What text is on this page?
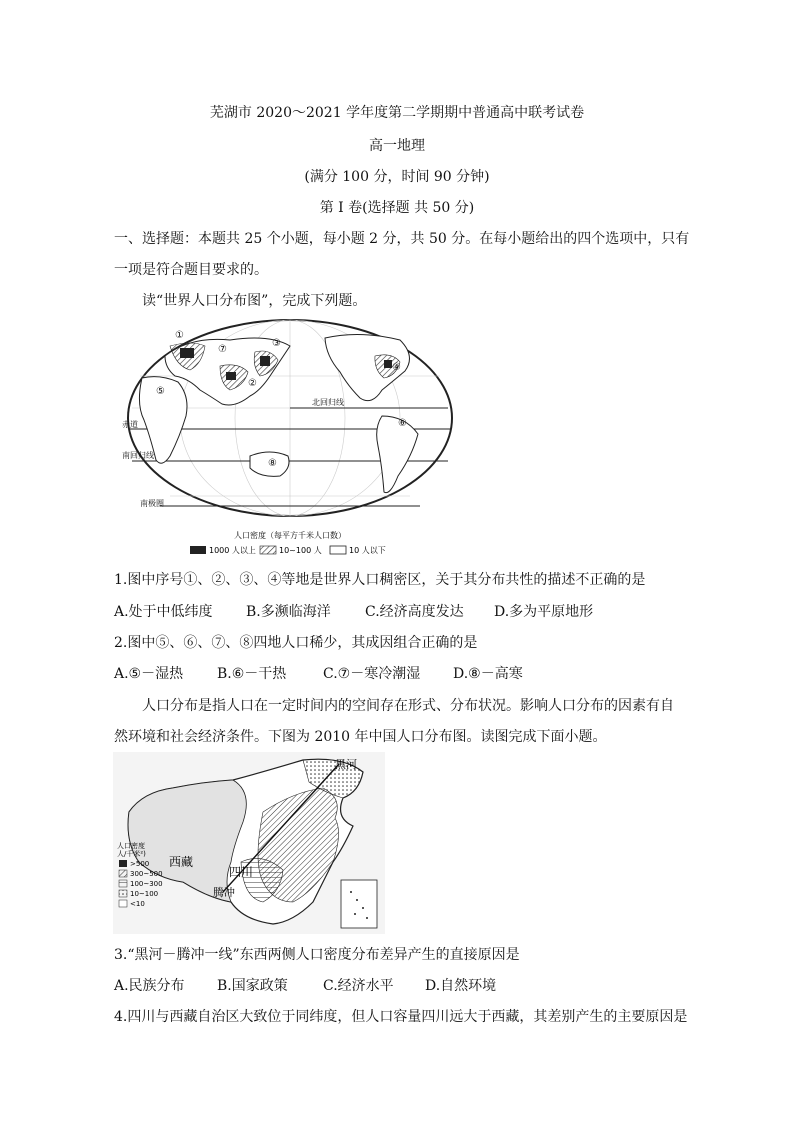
芜湖市 2020～2021 学年度第二学期期中普通高中联考试卷
高一地理
(满分 100 分，时间 90 分钟)
第 I 卷(选择题 共 50 分)
一、选择题：本题共 25 个小题，每小题 2 分，共 50 分。在每小题给出的四个选项中，只有
一项是符合题目要求的。
读“世界人口分布图”，完成下列题。
①
②
③
④
⑤
⑥
⑦
⑧
北回归线
赤道
南回归线
南极圈
人口密度（每平方千米人口数）
1000 人以上	10~100 人	10 人以下
1.图中序号①、②、③、④等地是世界人口稠密区，关于其分布共性的描述不正确的是
A.处于中低纬度 B.多濒临海洋 C.经济高度发达 D.多为平原地形
2.图中⑤、⑥、⑦、⑧四地人口稀少，其成因组合正确的是
A.⑤－湿热 B.⑥－干热	C.⑦－寒冷潮湿 D.⑧－高寒
人口分布是指人口在一定时间内的空间存在形式、分布状况。影响人口分布的因素有自
然环境和社会经济条件。下图为 2010 年中国人口分布图。读图完成下面小题。
黑河
西藏
四川
腾冲
人口密度
人/千米²)
>500
300~500
100~300
10~100
<10
3.“黑河－腾冲一线”东西两侧人口密度分布差异产生的直接原因是
A.民族分布 B.国家政策	C.经济水平 D.自然环境
4.四川与西藏自治区大致位于同纬度，但人口容量四川远大于西藏，其差别产生的主要原因是
